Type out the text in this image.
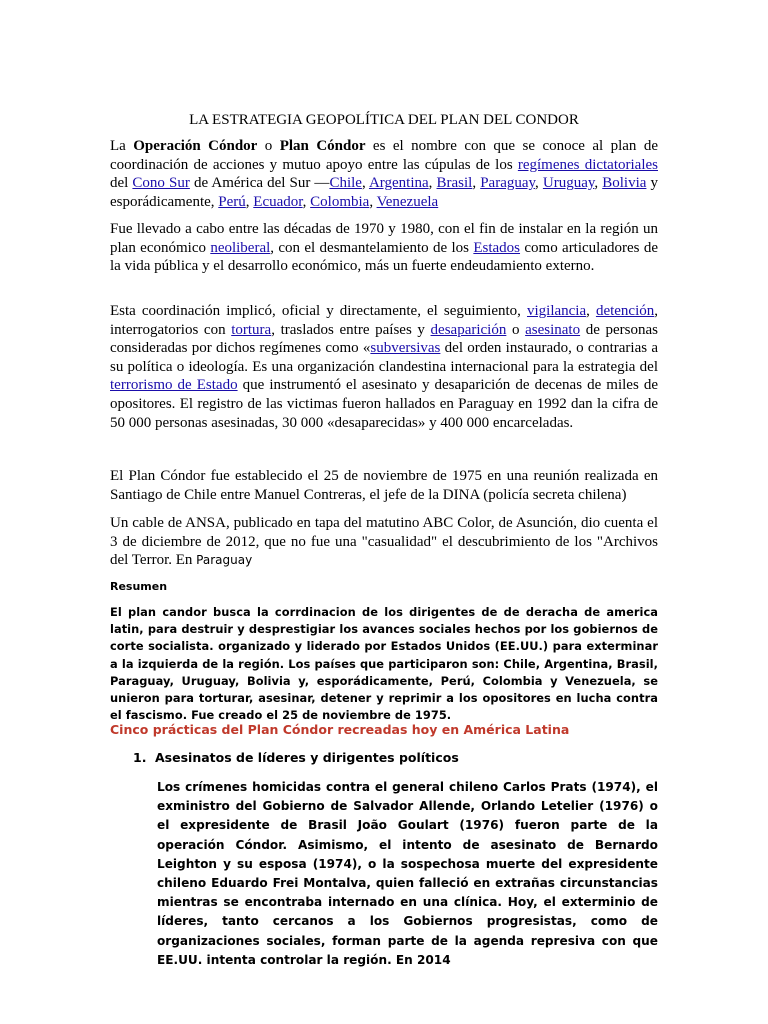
LA ESTRATEGIA GEOPOLÍTICA DEL PLAN DEL CONDOR

La Operación Cóndor o Plan Cóndor es el nombre con que se conoce al plan de coordinación de acciones y mutuo apoyo entre las cúpulas de los regímenes dictatoriales del Cono Sur de América del Sur —Chile, Argentina, Brasil, Paraguay, Uruguay, Bolivia y esporádicamente, Perú, Ecuador, Colombia, Venezuela

Fue llevado a cabo entre las décadas de 1970 y 1980, con el fin de instalar en la región un plan económico neoliberal, con el desmantelamiento de los Estados como articuladores de la vida pública y el desarrollo económico, más un fuerte endeudamiento externo.

Esta coordinación implicó, oficial y directamente, el seguimiento, vigilancia, detención, interrogatorios con tortura, traslados entre países y desaparición o asesinato de personas consideradas por dichos regímenes como «subversivas del orden instaurado, o contrarias a su política o ideología. Es una organización clandestina internacional para la estrategia del terrorismo de Estado que instrumentó el asesinato y desaparición de decenas de miles de opositores. El registro de las victimas fueron hallados en Paraguay en 1992 dan la cifra de 50 000 personas asesinadas, 30 000 «desaparecidas» y 400 000 encarceladas.

El Plan Cóndor fue establecido el 25 de noviembre de 1975 en una reunión realizada en Santiago de Chile entre Manuel Contreras, el jefe de la DINA (policía secreta chilena)

Un cable de ANSA, publicado en tapa del matutino ABC Color, de Asunción, dio cuenta el 3 de diciembre de 2012, que no fue una "casualidad" el descubrimiento de los "Archivos del Terror. En Paraguay

Resumen

El plan candor busca la corrdinacion de los dirigentes de de deracha de america latin, para destruir y desprestigiar los avances sociales hechos por los gobiernos de corte socialista. organizado y liderado por Estados Unidos (EE.UU.) para exterminar a la izquierda de la región. Los países que participaron son: Chile, Argentina, Brasil, Paraguay, Uruguay, Bolivia y, esporádicamente, Perú, Colombia y Venezuela, se unieron para torturar, asesinar, detener y reprimir a los opositores en lucha contra el fascismo. Fue creado el 25 de noviembre de 1975.

Cinco prácticas del Plan Cóndor recreadas hoy en América Latina
1. Asesinatos de líderes y dirigentes políticos

Los crímenes homicidas contra el general chileno Carlos Prats (1974), el exministro del Gobierno de Salvador Allende, Orlando Letelier (1976) o el expresidente de Brasil João Goulart (1976) fueron parte de la operación Cóndor. Asimismo, el intento de asesinato de Bernardo Leighton y su esposa (1974), o la sospechosa muerte del expresidente chileno Eduardo Frei Montalva, quien falleció en extrañas circunstancias mientras se encontraba internado en una clínica. Hoy, el exterminio de líderes, tanto cercanos a los Gobiernos progresistas, como de organizaciones sociales, forman parte de la agenda represiva con que EE.UU. intenta controlar la región. En 2014
